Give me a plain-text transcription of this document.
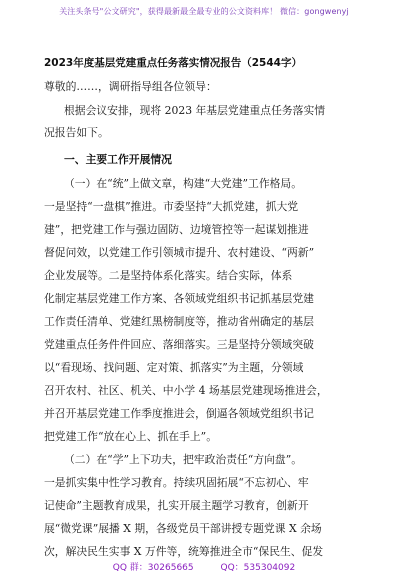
关注头条号"公文研究"，获得最新最全最专业的公文资料库！ 微信：gongwenyj
2023年度基层党建重点任务落实情况报告（2544字）
尊敬的……，调研指导组各位领导：
根据会议安排，现将 2023 年基层党建重点任务落实情
况报告如下。
一、主要工作开展情况
（一）在“统”上做文章，构建“大党建”工作格局。
一是坚持“一盘棋”推进。市委坚持“大抓党建，抓大党
建”，把党建工作与强边固防、边境管控等一起谋划推进
督促问效，以党建工作引领城市提升、农村建设、“两新”
企业发展等。二是坚持体系化落实。结合实际，体系
化制定基层党建工作方案、各领域党组织书记抓基层党建
工作责任清单、党建红黑榜制度等，推动省州确定的基层
党建重点任务件件回应、落细落实。三是坚持分领域突破
以“看现场、找问题、定对策、抓落实”为主题，分领域
召开农村、社区、机关、中小学 4 场基层党建现场推进会，
并召开基层党建工作季度推进会，倒逼各领域党组织书记
把党建工作“放在心上、抓在手上”。
（二）在“学”上下功夫，把牢政治责任“方向盘”。
一是抓实集中性学习教育。持续巩固拓展“不忘初心、牢
记使命”主题教育成果，扎实开展主题学习教育，创新开
展“微党课”展播 X 期，各级党员干部讲授专题党课 X 余场
次，解决民生实事 X 万件等，统筹推进全市“保民生、促发
QQ 群：30265665	QQ：535304092
